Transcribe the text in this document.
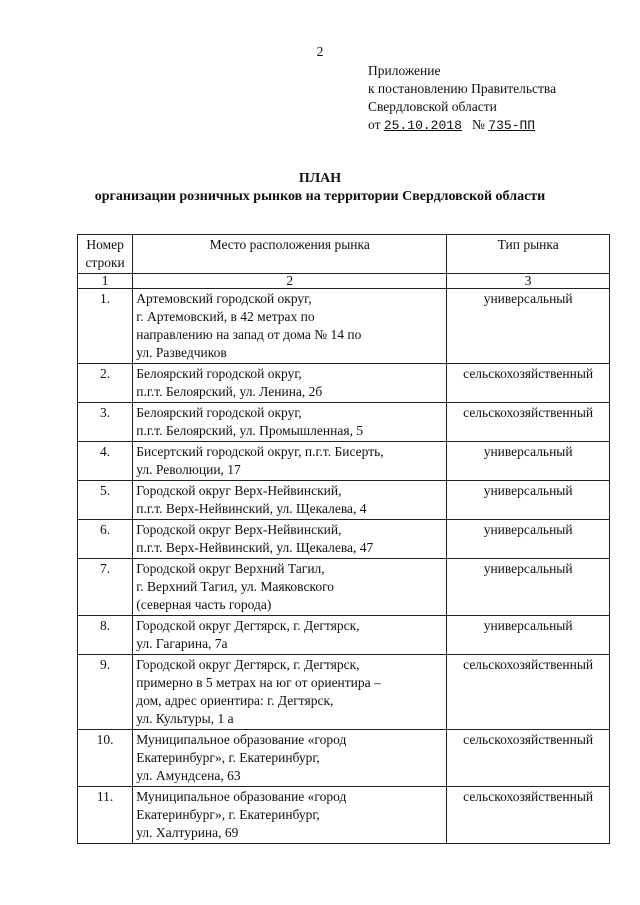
2
Приложение
к постановлению Правительства
Свердловской области
от 25.10.2018 № 735-ПП
ПЛАН
организации розничных рынков на территории Свердловской области
Номер
строки	Место расположения рынка	Тип рынка
1	2	3
1.	Артемовский городской округ,
г. Артемовский, в 42 метрах по
направлению на запад от дома № 14 по
ул. Разведчиков	универсальный
2.	Белоярский городской округ,
п.г.т. Белоярский, ул. Ленина, 2б	сельскохозяйственный
3.	Белоярский городской округ,
п.г.т. Белоярский, ул. Промышленная, 5	сельскохозяйственный
4.	Бисертский городской округ, п.г.т. Бисерть,
ул. Революции, 17	универсальный
5.	Городской округ Верх-Нейвинский,
п.г.т. Верх-Нейвинский, ул. Щекалева, 4	универсальный
6.	Городской округ Верх-Нейвинский,
п.г.т. Верх-Нейвинский, ул. Щекалева, 47	универсальный
7.	Городской округ Верхний Тагил,
г. Верхний Тагил, ул. Маяковского
(северная часть города)	универсальный
8.	Городской округ Дегтярск, г. Дегтярск,
ул. Гагарина, 7а	универсальный
9.	Городской округ Дегтярск, г. Дегтярск,
примерно в 5 метрах на юг от ориентира –
дом, адрес ориентира: г. Дегтярск,
ул. Культуры, 1 а	сельскохозяйственный
10.	Муниципальное образование «город
Екатеринбург», г. Екатеринбург,
ул. Амундсена, 63	сельскохозяйственный
11.	Муниципальное образование «город
Екатеринбург», г. Екатеринбург,
ул. Халтурина, 69	сельскохозяйственный
